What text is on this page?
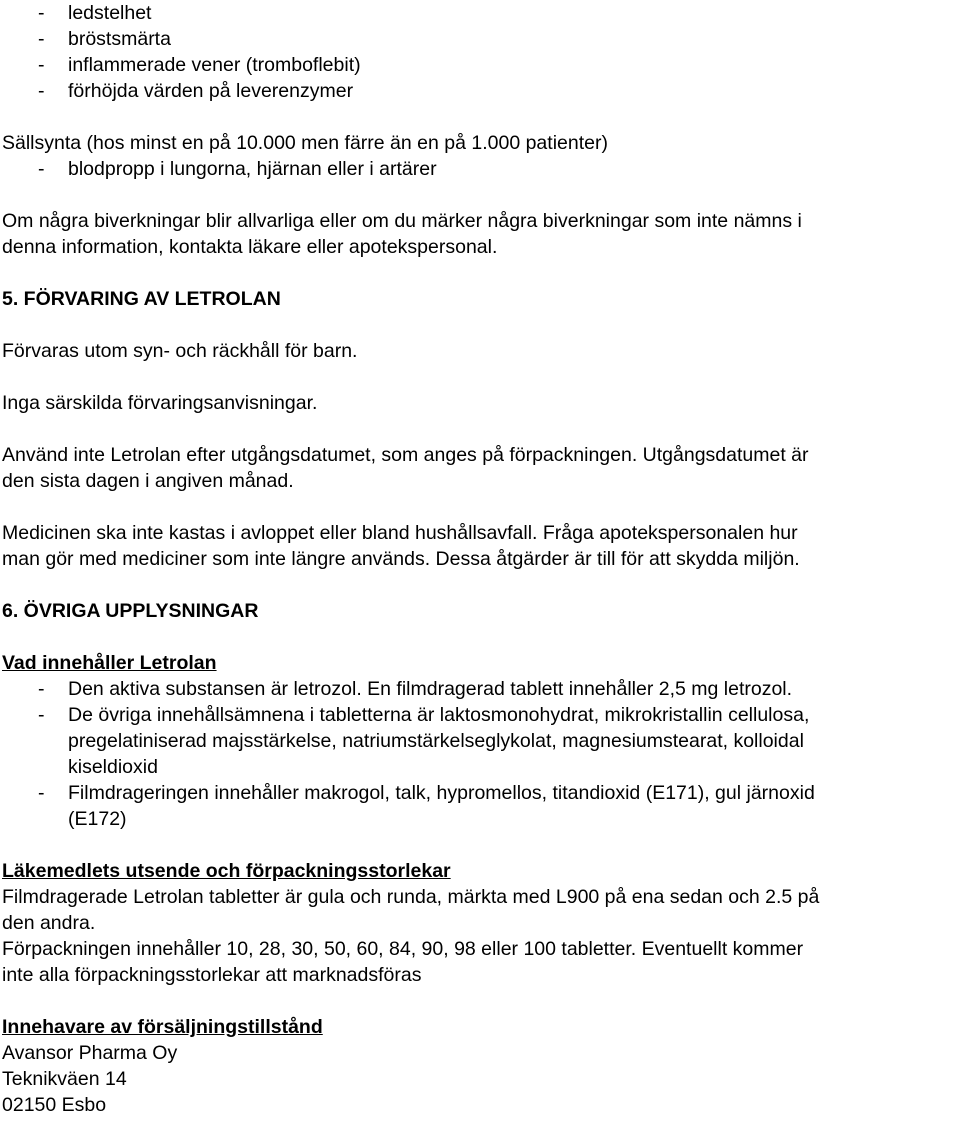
- ledstelhet
- bröstsmärta
- inflammerade vener (tromboflebit)
- förhöjda värden på leverenzymer
Sällsynta (hos minst en på 10.000 men färre än en på 1.000 patienter)
- blodpropp i lungorna, hjärnan eller i artärer
Om några biverkningar blir allvarliga eller om du märker några biverkningar som inte nämns i
denna information, kontakta läkare eller apotekspersonal.
5. FÖRVARING AV LETROLAN
Förvaras utom syn- och räckhåll för barn.
Inga särskilda förvaringsanvisningar.
Använd inte Letrolan efter utgångsdatumet, som anges på förpackningen. Utgångsdatumet är
den sista dagen i angiven månad.
Medicinen ska inte kastas i avloppet eller bland hushållsavfall. Fråga apotekspersonalen hur
man gör med mediciner som inte längre används. Dessa åtgärder är till för att skydda miljön.
6. ÖVRIGA UPPLYSNINGAR
Vad innehåller Letrolan
- Den aktiva substansen är letrozol. En filmdragerad tablett innehåller 2,5 mg letrozol.
- De övriga innehållsämnena i tabletterna är laktosmonohydrat, mikrokristallin cellulosa,
pregelatiniserad majsstärkelse, natriumstärkelseglykolat, magnesiumstearat, kolloidal
kiseldioxid
- Filmdrageringen innehåller makrogol, talk, hypromellos, titandioxid (E171), gul järnoxid
(E172)
Läkemedlets utsende och förpackningsstorlekar
Filmdragerade Letrolan tabletter är gula och runda, märkta med L900 på ena sedan och 2.5 på
den andra.
Förpackningen innehåller 10, 28, 30, 50, 60, 84, 90, 98 eller 100 tabletter. Eventuellt kommer
inte alla förpackningsstorlekar att marknadsföras
Innehavare av försäljningstillstånd
Avansor Pharma Oy
Teknikväen 14
02150 Esbo
